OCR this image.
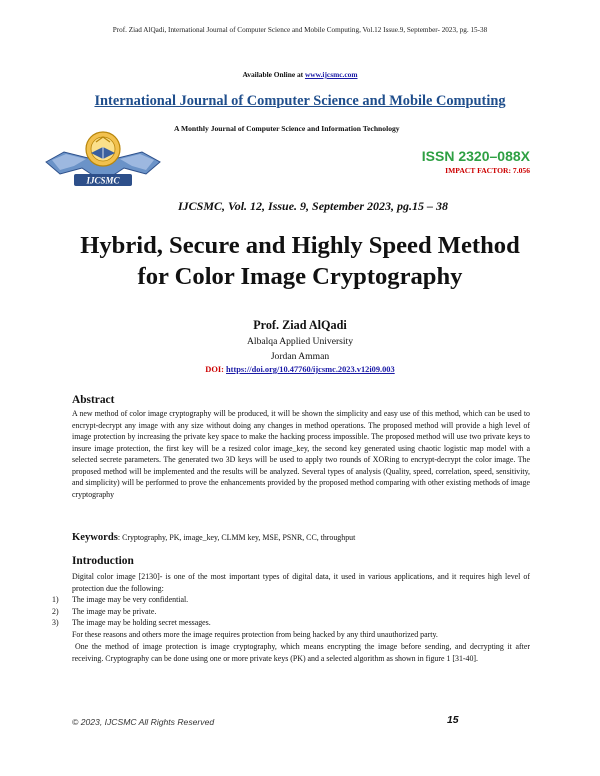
Prof. Ziad AlQadi, International Journal of Computer Science and Mobile Computing, Vol.12 Issue.9, September- 2023, pg. 15-38
Available Online at www.ijcsmc.com
International Journal of Computer Science and Mobile Computing
A Monthly Journal of Computer Science and Information Technology
IJCSMC
ISSN 2320–088X
IMPACT FACTOR: 7.056
IJCSMC, Vol. 12, Issue. 9, September 2023, pg.15 – 38
Hybrid, Secure and Highly Speed Method
for Color Image Cryptography
Prof. Ziad AlQadi
Albalqa Applied University
Jordan Amman
DOI: https://doi.org/10.47760/ijcsmc.2023.v12i09.003
Abstract
A new method of color image cryptography will be produced, it will be shown the simplicity and easy use of this method, which can be used to encrypt-decrypt any image with any size without doing any changes in method operations. The proposed method will provide a high level of image protection by increasing the private key space to make the hacking process impossible. The proposed method will use two private keys to insure image protection, the first key will be a resized color image_key, the second key generated using chaotic logistic map model with a selected secrete parameters. The generated two 3D keys will be used to apply two rounds of XORing to encrypt-decrypt the color image. The proposed method will be implemented and the results will be analyzed. Several types of analysis (Quality, speed, correlation, speed, sensitivity, and simplicity) will be performed to prove the enhancements provided by the proposed method comparing with other existing methods of image cryptography
Keywords: Cryptography, PK, image_key, CLMM key, MSE, PSNR, CC, throughput
Introduction
Digital color image [2130]- is one of the most important types of digital data, it used in various applications, and it requires high level of protection due the following:
1) The image may be very confidential.
2) The image may be private.
3) The image may be holding secret messages.
For these reasons and others more the image requires protection from being hacked by any third unauthorized party.
One the method of image protection is image cryptography, which means encrypting the image before sending, and decrypting it after receiving. Cryptography can be done using one or more private keys (PK) and a selected algorithm as shown in figure 1 [31-40].
© 2023, IJCSMC All Rights Reserved	15
